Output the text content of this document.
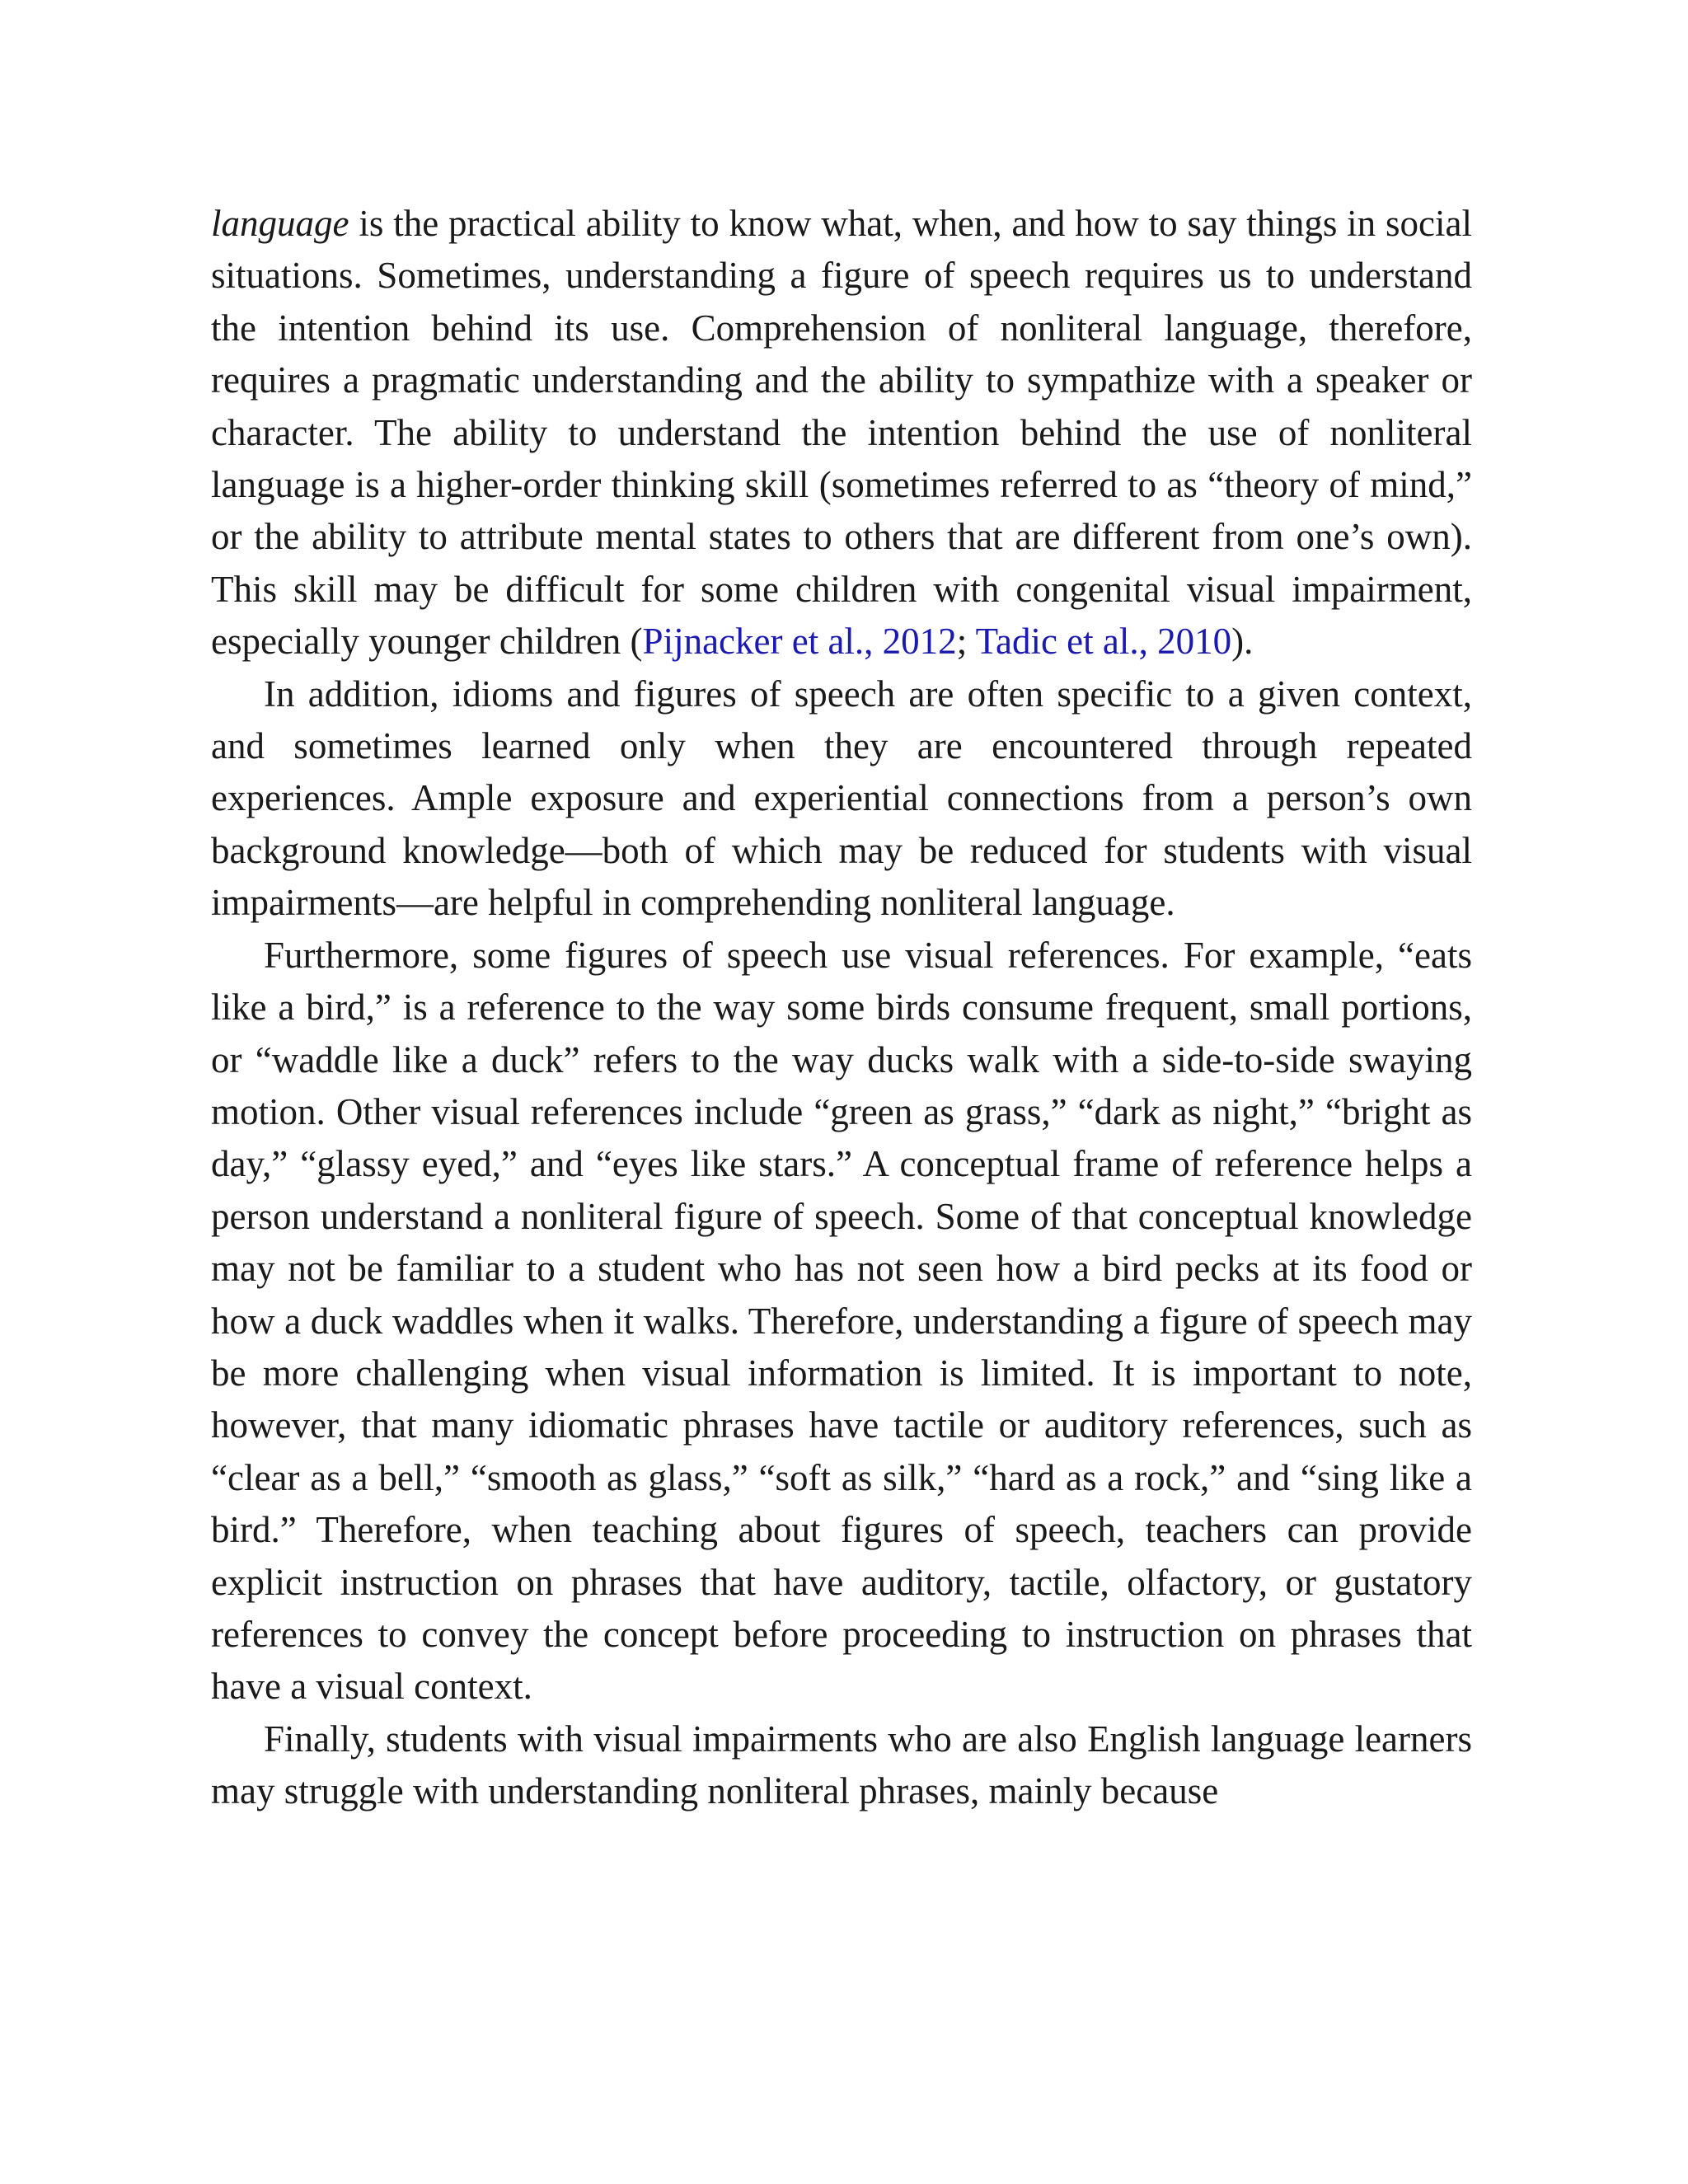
language is the practical ability to know what, when, and how to say things in social situations. Sometimes, understanding a figure of speech requires us to understand the intention behind its use. Comprehension of nonliteral language, therefore, requires a pragmatic understanding and the ability to sympathize with a speaker or character. The ability to understand the intention behind the use of nonliteral language is a higher-order thinking skill (sometimes referred to as “theory of mind,” or the ability to attribute mental states to others that are different from one’s own). This skill may be difficult for some children with congenital visual impairment, especially younger children (Pijnacker et al., 2012; Tadic et al., 2010).

In addition, idioms and figures of speech are often specific to a given context, and sometimes learned only when they are encountered through repeated experiences. Ample exposure and experiential connections from a person’s own background knowledge—both of which may be reduced for students with visual impairments—are helpful in comprehending nonliteral language.

Furthermore, some figures of speech use visual references. For example, “eats like a bird,” is a reference to the way some birds consume frequent, small portions, or “waddle like a duck” refers to the way ducks walk with a side-to-side swaying motion. Other visual references include “green as grass,” “dark as night,” “bright as day,” “glassy eyed,” and “eyes like stars.” A conceptual frame of reference helps a person understand a nonliteral figure of speech. Some of that conceptual knowledge may not be familiar to a student who has not seen how a bird pecks at its food or how a duck waddles when it walks. Therefore, understanding a figure of speech may be more challenging when visual information is limited. It is important to note, however, that many idiomatic phrases have tactile or auditory references, such as “clear as a bell,” “smooth as glass,” “soft as silk,” “hard as a rock,” and “sing like a bird.” Therefore, when teaching about figures of speech, teachers can provide explicit instruction on phrases that have auditory, tactile, olfactory, or gustatory references to convey the concept before proceeding to instruction on phrases that have a visual context.

Finally, students with visual impairments who are also English language learners may struggle with understanding nonliteral phrases, mainly because
